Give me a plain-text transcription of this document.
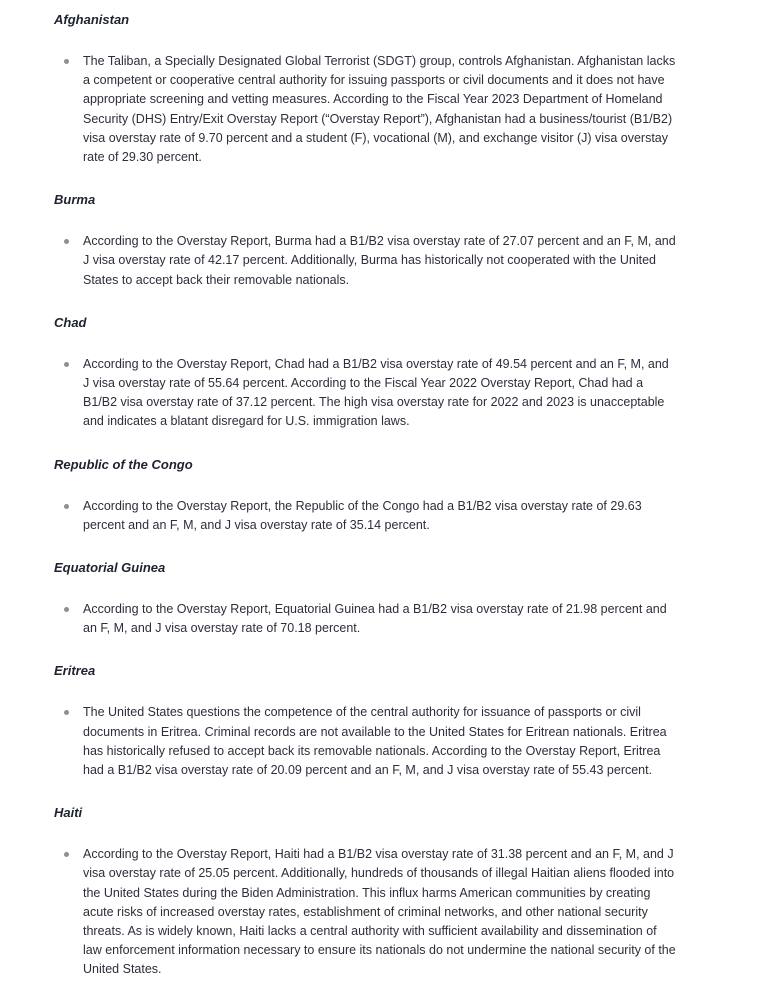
Afghanistan

The Taliban, a Specially Designated Global Terrorist (SDGT) group, controls Afghanistan. Afghanistan lacks a competent or cooperative central authority for issuing passports or civil documents and it does not have appropriate screening and vetting measures. According to the Fiscal Year 2023 Department of Homeland Security (DHS) Entry/Exit Overstay Report (“Overstay Report”), Afghanistan had a business/tourist (B1/B2) visa overstay rate of 9.70 percent and a student (F), vocational (M), and exchange visitor (J) visa overstay rate of 29.30 percent.

Burma

According to the Overstay Report, Burma had a B1/B2 visa overstay rate of 27.07 percent and an F, M, and J visa overstay rate of 42.17 percent. Additionally, Burma has historically not cooperated with the United States to accept back their removable nationals.

Chad

According to the Overstay Report, Chad had a B1/B2 visa overstay rate of 49.54 percent and an F, M, and J visa overstay rate of 55.64 percent. According to the Fiscal Year 2022 Overstay Report, Chad had a B1/B2 visa overstay rate of 37.12 percent. The high visa overstay rate for 2022 and 2023 is unacceptable and indicates a blatant disregard for U.S. immigration laws.

Republic of the Congo

According to the Overstay Report, the Republic of the Congo had a B1/B2 visa overstay rate of 29.63 percent and an F, M, and J visa overstay rate of 35.14 percent.

Equatorial Guinea

According to the Overstay Report, Equatorial Guinea had a B1/B2 visa overstay rate of 21.98 percent and an F, M, and J visa overstay rate of 70.18 percent.

Eritrea

The United States questions the competence of the central authority for issuance of passports or civil documents in Eritrea. Criminal records are not available to the United States for Eritrean nationals. Eritrea has historically refused to accept back its removable nationals. According to the Overstay Report, Eritrea had a B1/B2 visa overstay rate of 20.09 percent and an F, M, and J visa overstay rate of 55.43 percent.

Haiti

According to the Overstay Report, Haiti had a B1/B2 visa overstay rate of 31.38 percent and an F, M, and J visa overstay rate of 25.05 percent. Additionally, hundreds of thousands of illegal Haitian aliens flooded into the United States during the Biden Administration. This influx harms American communities by creating acute risks of increased overstay rates, establishment of criminal networks, and other national security threats. As is widely known, Haiti lacks a central authority with sufficient availability and dissemination of law enforcement information necessary to ensure its nationals do not undermine the national security of the United States.
